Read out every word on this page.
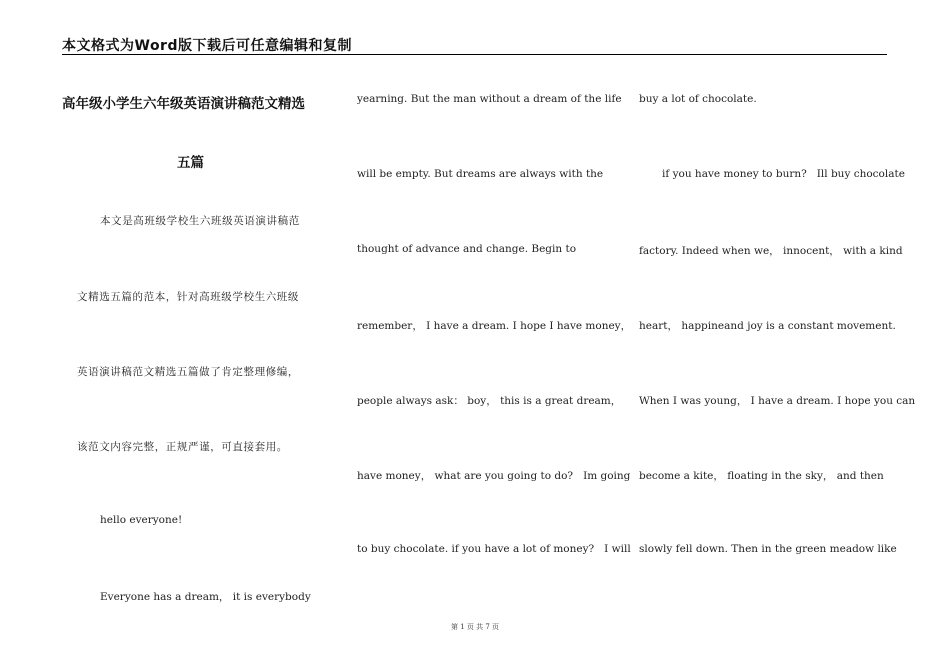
本文格式为Word版下载后可任意编辑和复制
高年级小学生六年级英语演讲稿范文精选
五篇
本文是高班级学校生六班级英语演讲稿范
文精选五篇的范本，针对高班级学校生六班级
英语演讲稿范文精选五篇做了肯定整理修编，
该范文内容完整，正规严谨，可直接套用。
hello everyone!
Everyone has a dream， it is everybody
yearning. But the man without a dream of the life
will be empty. But dreams are always with the
thought of advance and change. Begin to
remember， I have a dream. I hope I have money，
people always ask： boy， this is a great dream，
have money， what are you going to do?   Im going
to buy chocolate. if you have a lot of money?   I will
buy a lot of chocolate.
if you have money to burn?   Ill buy chocolate
factory. Indeed when we， innocent， with a kind
heart， happineand joy is a constant movement.
When I was young， I have a dream. I hope you can
become a kite， floating in the sky， and then
slowly fell down. Then in the green meadow like
第 1 页 共 7 页
